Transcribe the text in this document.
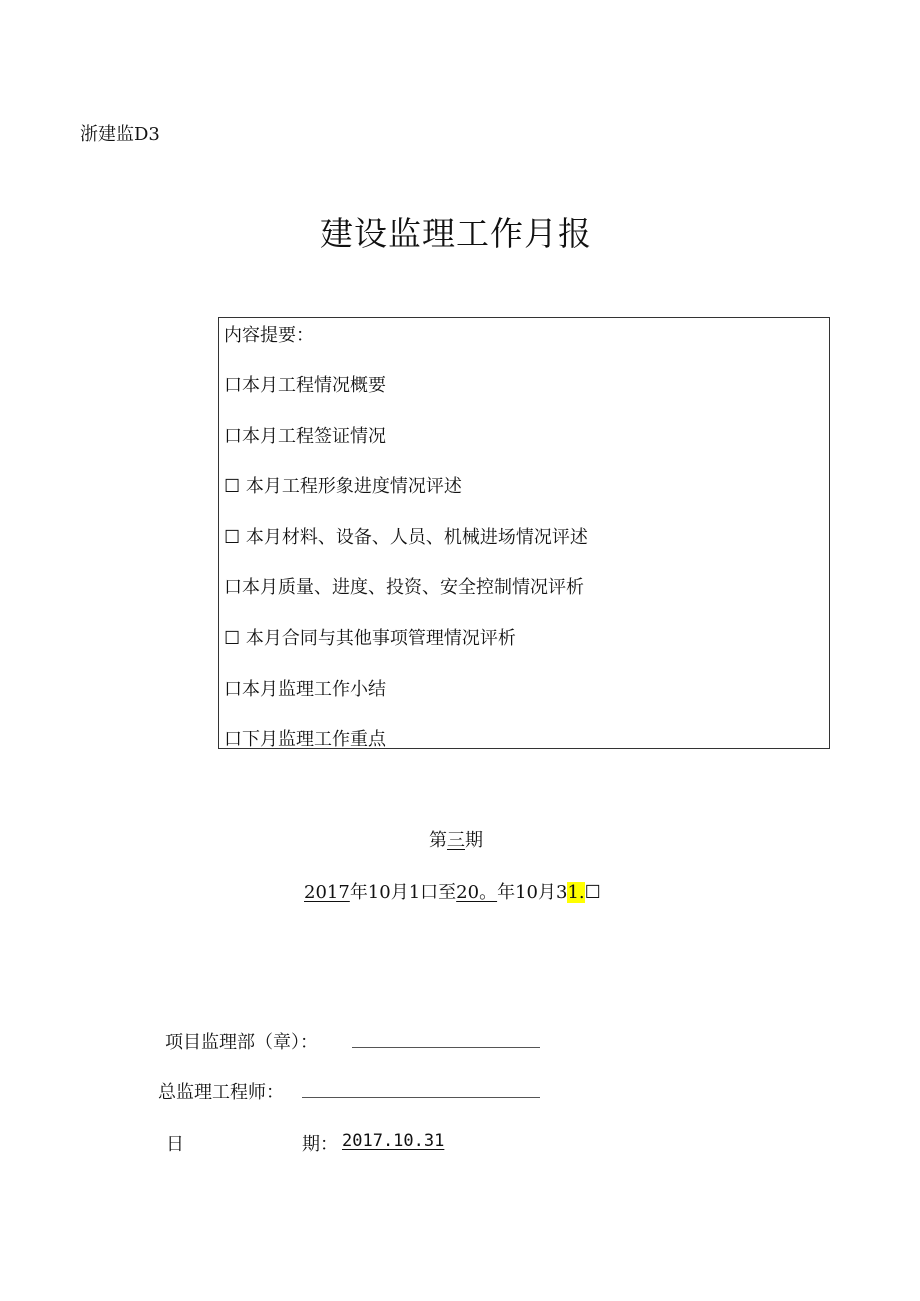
浙建监D3
建设监理工作月报
内容提要：
口本月工程情况概要
口本月工程签证情况
☐ 本月工程形象进度情况评述
☐ 本月材料、设备、人员、机械进场情况评述
口本月质量、进度、投资、安全控制情况评析
☐ 本月合同与其他事项管理情况评析
口本月监理工作小结
口下月监理工作重点
第三期
2017年10月1口至20。年10月31.☐
项目监理部（章）：
总监理工程师：
日	期： 2017.10.31
